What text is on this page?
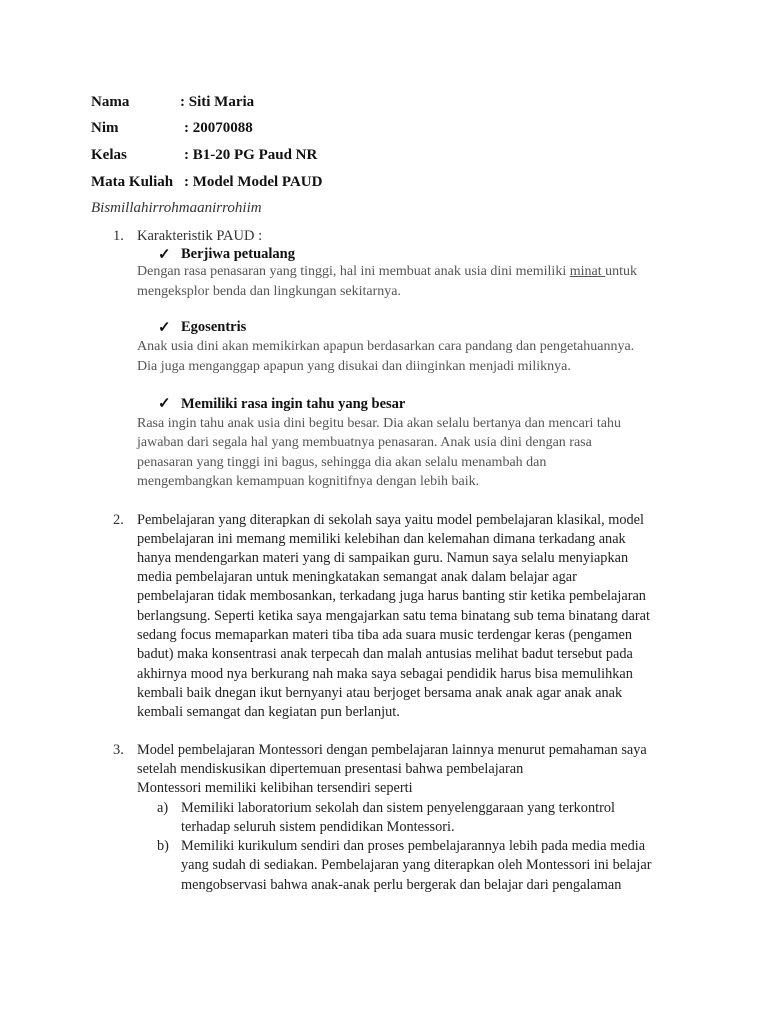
Nama	: Siti Maria
Nim	: 20070088
Kelas	: B1-20 PG Paud NR
Mata Kuliah : Model Model PAUD
Bismillahirrohmaanirrohiim
1. Karakteristik PAUD :
✓ Berjiwa petualang
Dengan rasa penasaran yang tinggi, hal ini membuat anak usia dini memiliki minat untuk
mengeksplor benda dan lingkungan sekitarnya.
✓ Egosentris
Anak usia dini akan memikirkan apapun berdasarkan cara pandang dan pengetahuannya.
Dia juga menganggap apapun yang disukai dan diinginkan menjadi miliknya.
✓ Memiliki rasa ingin tahu yang besar
Rasa ingin tahu anak usia dini begitu besar. Dia akan selalu bertanya dan mencari tahu
jawaban dari segala hal yang membuatnya penasaran. Anak usia dini dengan rasa
penasaran yang tinggi ini bagus, sehingga dia akan selalu menambah dan
mengembangkan kemampuan kognitifnya dengan lebih baik.
2. Pembelajaran yang diterapkan di sekolah saya yaitu model pembelajaran klasikal, model
pembelajaran ini memang memiliki kelebihan dan kelemahan dimana terkadang anak
hanya mendengarkan materi yang di sampaikan guru. Namun saya selalu menyiapkan
media pembelajaran untuk meningkatakan semangat anak dalam belajar agar
pembelajaran tidak membosankan, terkadang juga harus banting stir ketika pembelajaran
berlangsung. Seperti ketika saya mengajarkan satu tema binatang sub tema binatang darat
sedang focus memaparkan materi tiba tiba ada suara music terdengar keras (pengamen
badut) maka konsentrasi anak terpecah dan malah antusias melihat badut tersebut pada
akhirnya mood nya berkurang nah maka saya sebagai pendidik harus bisa memulihkan
kembali baik dnegan ikut bernyanyi atau berjoget bersama anak anak agar anak anak
kembali semangat dan kegiatan pun berlanjut.
3. Model pembelajaran Montessori dengan pembelajaran lainnya menurut pemahaman saya
setelah mendiskusikan dipertemuan presentasi bahwa pembelajaran
Montessori memiliki kelibihan tersendiri seperti
a) Memiliki laboratorium sekolah dan sistem penyelenggaraan yang terkontrol
terhadap seluruh sistem pendidikan Montessori.
b) Memiliki kurikulum sendiri dan proses pembelajarannya lebih pada media media
yang sudah di sediakan. Pembelajaran yang diterapkan oleh Montessori ini belajar
mengobservasi bahwa anak-anak perlu bergerak dan belajar dari pengalaman
